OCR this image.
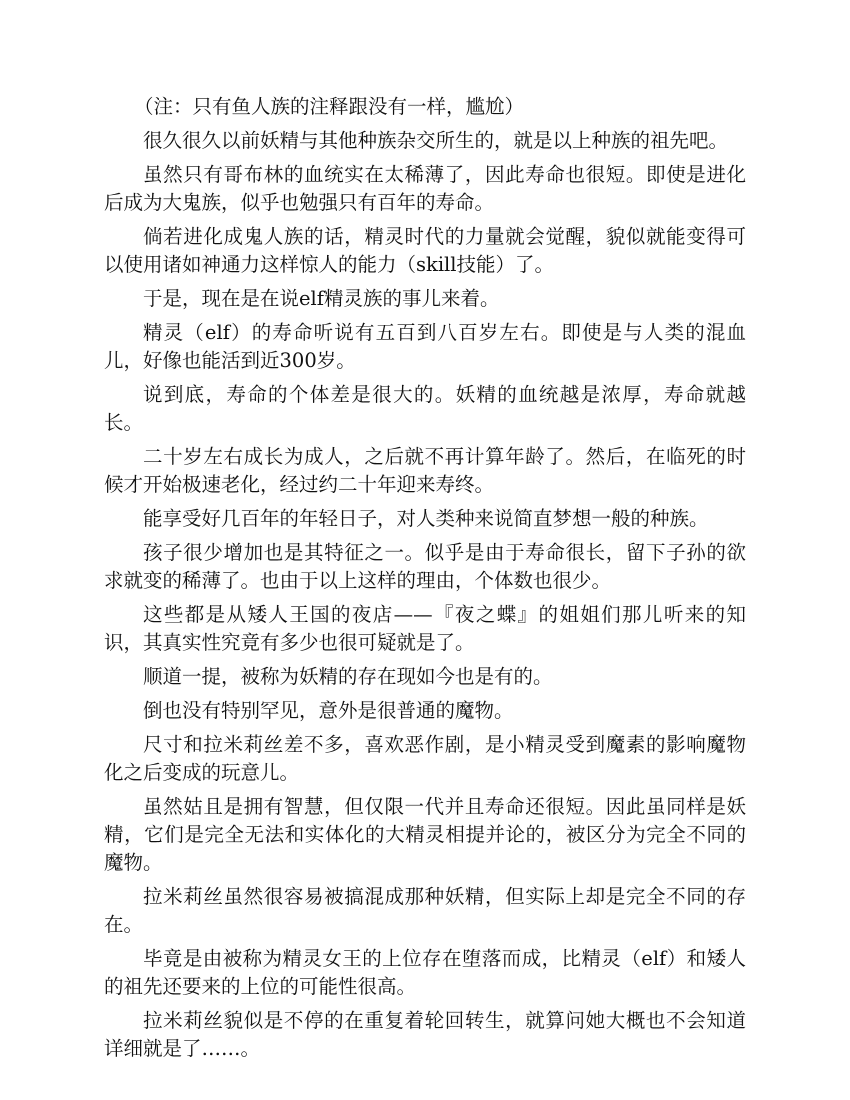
（注：只有鱼人族的注释跟没有一样，尴尬）

很久很久以前妖精与其他种族杂交所生的，就是以上种族的祖先吧。

虽然只有哥布林的血统实在太稀薄了，因此寿命也很短。即使是进化后成为大鬼族，似乎也勉强只有百年的寿命。

倘若进化成鬼人族的话，精灵时代的力量就会觉醒，貌似就能变得可以使用诸如神通力这样惊人的能力（skill技能）了。

于是，现在是在说elf精灵族的事儿来着。

精灵（elf）的寿命听说有五百到八百岁左右。即使是与人类的混血儿，好像也能活到近300岁。

说到底，寿命的个体差是很大的。妖精的血统越是浓厚，寿命就越长。

二十岁左右成长为成人，之后就不再计算年龄了。然后，在临死的时候才开始极速老化，经过约二十年迎来寿终。

能享受好几百年的年轻日子，对人类种来说简直梦想一般的种族。

孩子很少增加也是其特征之一。似乎是由于寿命很长，留下子孙的欲求就变的稀薄了。也由于以上这样的理由，个体数也很少。

这些都是从矮人王国的夜店——『夜之蝶』的姐姐们那儿听来的知识，其真实性究竟有多少也很可疑就是了。

顺道一提，被称为妖精的存在现如今也是有的。

倒也没有特别罕见，意外是很普通的魔物。

尺寸和拉米莉丝差不多，喜欢恶作剧，是小精灵受到魔素的影响魔物化之后变成的玩意儿。

虽然姑且是拥有智慧，但仅限一代并且寿命还很短。因此虽同样是妖精，它们是完全无法和实体化的大精灵相提并论的，被区分为完全不同的魔物。

拉米莉丝虽然很容易被搞混成那种妖精，但实际上却是完全不同的存在。

毕竟是由被称为精灵女王的上位存在堕落而成，比精灵（elf）和矮人的祖先还要来的上位的可能性很高。

拉米莉丝貌似是不停的在重复着轮回转生，就算问她大概也不会知道详细就是了……。
